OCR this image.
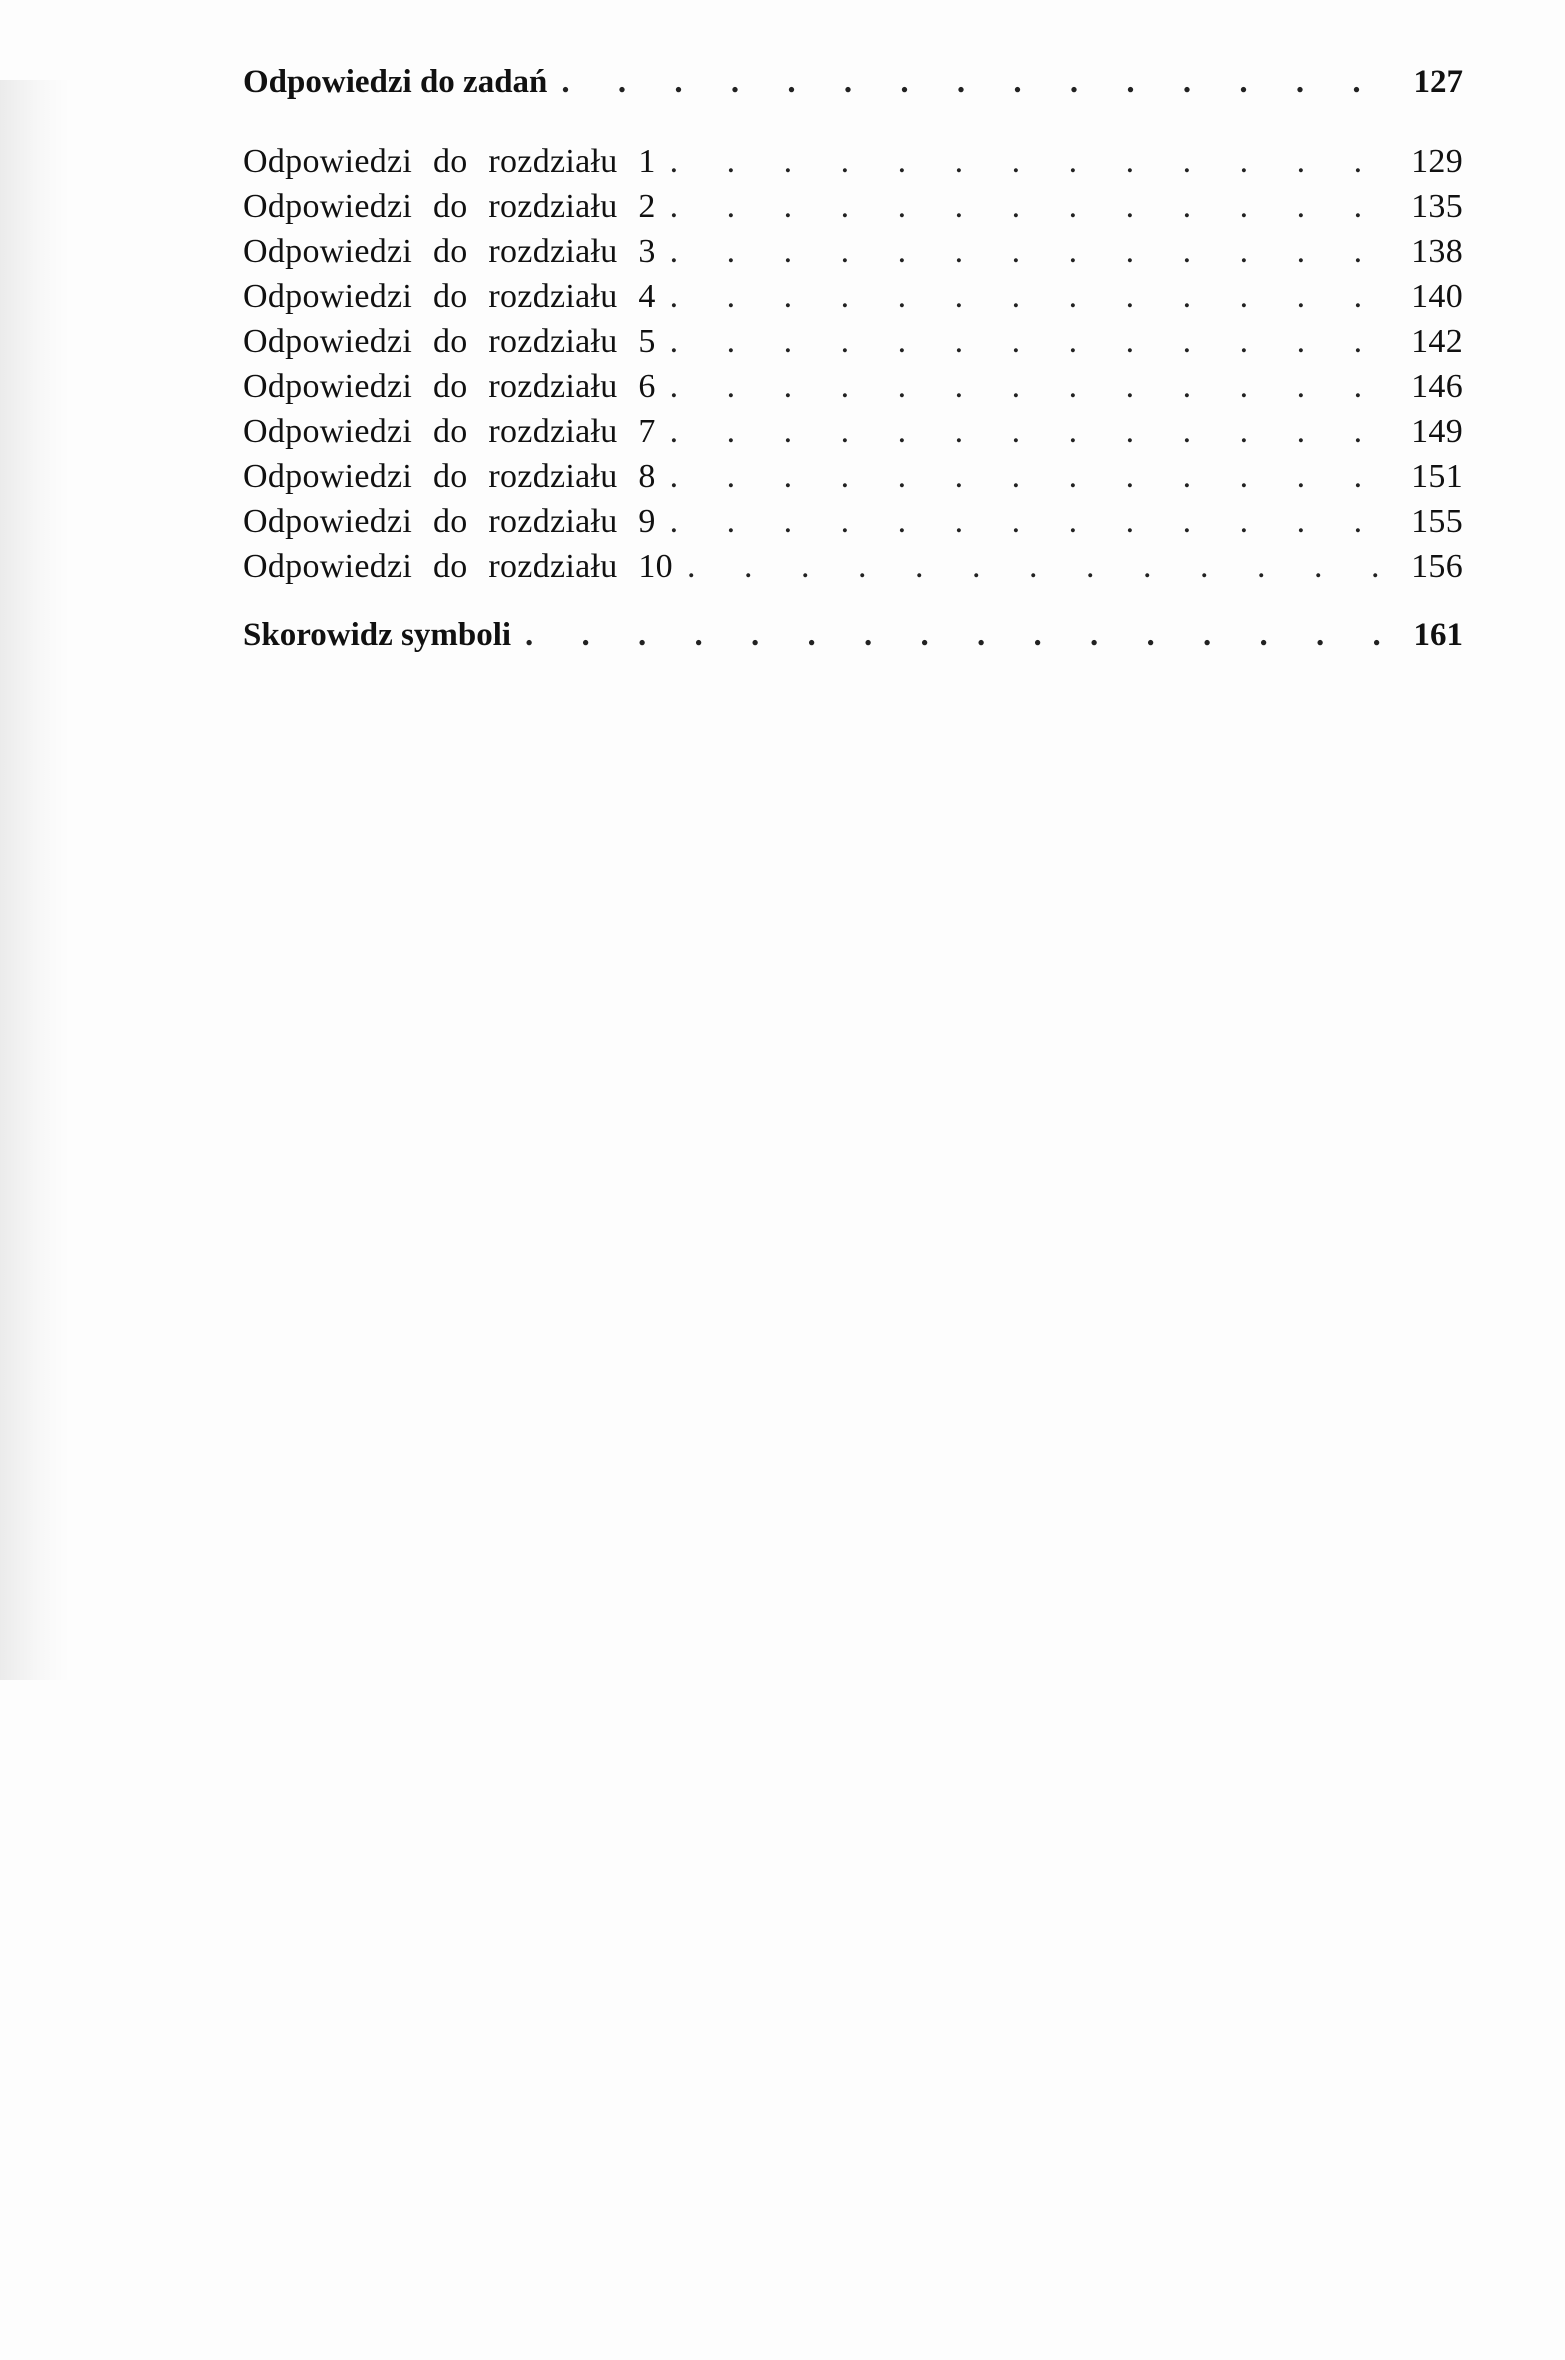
Odpowiedzi do zadań . . .	127
Odpowiedzi do rozdziału 1 . . .	129
Odpowiedzi do rozdziału 2 . . .	135
Odpowiedzi do rozdziału 3 . . .	138
Odpowiedzi do rozdziału 4 . . .	140
Odpowiedzi do rozdziału 5 . . .	142
Odpowiedzi do rozdziału 6 . . .	146
Odpowiedzi do rozdziału 7 . . .	149
Odpowiedzi do rozdziału 8 . . .	151
Odpowiedzi do rozdziału 9 . . .	155
Odpowiedzi do rozdziału 10 . . .	156
Skorowidz symboli . . .	161
